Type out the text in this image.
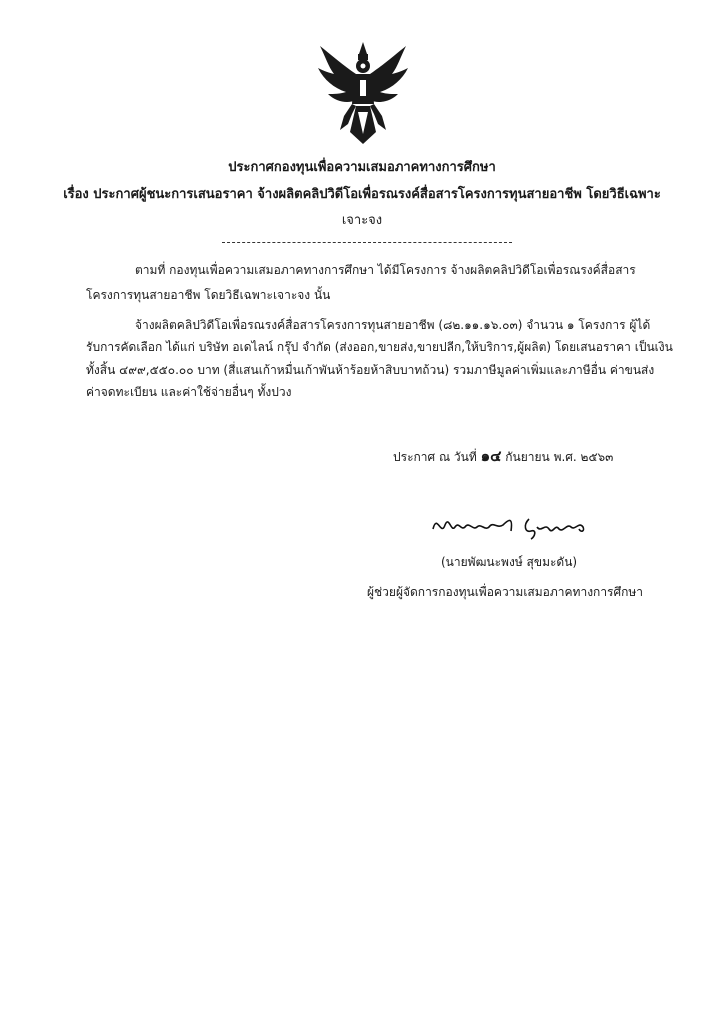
ประกาศกองทุนเพื่อความเสมอภาคทางการศึกษา
เรื่อง ประกาศผู้ชนะการเสนอราคา จ้างผลิตคลิปวิดีโอเพื่อรณรงค์สื่อสารโครงการทุนสายอาชีพ โดยวิธีเฉพาะ
เจาะจง
ตามที่ กองทุนเพื่อความเสมอภาคทางการศึกษา ได้มีโครงการ จ้างผลิตคลิปวิดีโอเพื่อรณรงค์สื่อสาร
โครงการทุนสายอาชีพ โดยวิธีเฉพาะเจาะจง นั้น
จ้างผลิตคลิปวิดีโอเพื่อรณรงค์สื่อสารโครงการทุนสายอาชีพ (๘๒.๑๑.๑๖.๐๓) จำนวน ๑ โครงการ ผู้ได้
รับการคัดเลือก ได้แก่ บริษัท อเดไลน์ กรุ๊ป จำกัด (ส่งออก,ขายส่ง,ขายปลีก,ให้บริการ,ผู้ผลิต) โดยเสนอราคา เป็นเงิน
ทั้งสิ้น ๔๙๙,๕๕๐.๐๐ บาท (สี่แสนเก้าหมื่นเก้าพันห้าร้อยห้าสิบบาทถ้วน) รวมภาษีมูลค่าเพิ่มและภาษีอื่น ค่าขนส่ง
ค่าจดทะเบียน และค่าใช้จ่ายอื่นๆ ทั้งปวง
ประกาศ ณ วันที่ ๑๔ กันยายน พ.ศ. ๒๕๖๓
(นายพัฒนะพงษ์ สุขมะดัน)
ผู้ช่วยผู้จัดการกองทุนเพื่อความเสมอภาคทางการศึกษา
